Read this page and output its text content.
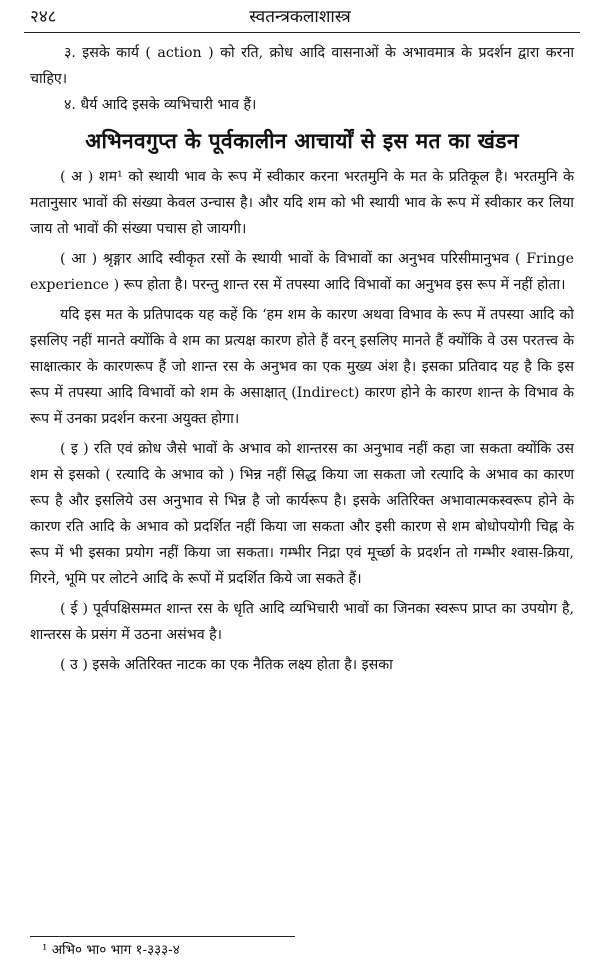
२४८	स्वतन्त्रकलाशास्त्र

३. इसके कार्य ( action ) को रति, क्रोध आदि वासनाओं के अभावमात्र के प्रदर्शन द्वारा करना चाहिए।

४. धैर्य आदि इसके व्यभिचारी भाव हैं।

अभिनवगुप्त के पूर्वकालीन आचार्यों से इस मत का खंडन

( अ ) शम¹ को स्थायी भाव के रूप में स्वीकार करना भरतमुनि के मत के प्रतिकूल है। भरतमुनि के मतानुसार भावों की संख्या केवल उन्चास है। और यदि शम को भी स्थायी भाव के रूप में स्वीकार कर लिया जाय तो भावों की संख्या पचास हो जायगी।

( आ ) श्रृङ्गार आदि स्वीकृत रसों के स्थायी भावों के विभावों का अनुभव परिसीमानुभव ( Fringe experience ) रूप होता है। परन्तु शान्त रस में तपस्या आदि विभावों का अनुभव इस रूप में नहीं होता।

यदि इस मत के प्रतिपादक यह कहें कि ‘हम शम के कारण अथवा विभाव के रूप में तपस्या आदि को इसलिए नहीं मानते क्योंकि वे शम का प्रत्यक्ष कारण होते हैं वरन् इसलिए मानते हैं क्योंकि वे उस परतत्त्व के साक्षात्कार के कारणरूप हैं जो शान्त रस के अनुभव का एक मुख्य अंश है। इसका प्रतिवाद यह है कि इस रूप में तपस्या आदि विभावों को शम के असाक्षात् (Indirect) कारण होने के कारण शान्त के विभाव के रूप में उनका प्रदर्शन करना अयुक्त होगा।

( इ ) रति एवं क्रोध जैसे भावों के अभाव को शान्तरस का अनुभाव नहीं कहा जा सकता क्योंकि उस शम से इसको ( रत्यादि के अभाव को ) भिन्न नहीं सिद्ध किया जा सकता जो रत्यादि के अभाव का कारण रूप है और इसलिये उस अनुभाव से भिन्न है जो कार्यरूप है। इसके अतिरिक्त अभावात्मकस्वरूप होने के कारण रति आदि के अभाव को प्रदर्शित नहीं किया जा सकता और इसी कारण से शम बोधोपयोगी चिह्न के रूप में भी इसका प्रयोग नहीं किया जा सकता। गम्भीर निद्रा एवं मूर्च्छा के प्रदर्शन तो गम्भीर श्वास-क्रिया, गिरने, भूमि पर लोटने आदि के रूपों में प्रदर्शित किये जा सकते हैं।

( ई ) पूर्वपक्षिसम्मत शान्त रस के धृति आदि व्यभिचारी भावों का जिनका स्वरूप प्राप्त का उपयोग है, शान्तरस के प्रसंग में उठना असंभव है।

( उ ) इसके अतिरिक्त नाटक का एक नैतिक लक्ष्य होता है। इसका

¹ अभि० भा० भाग १-३३३-४
